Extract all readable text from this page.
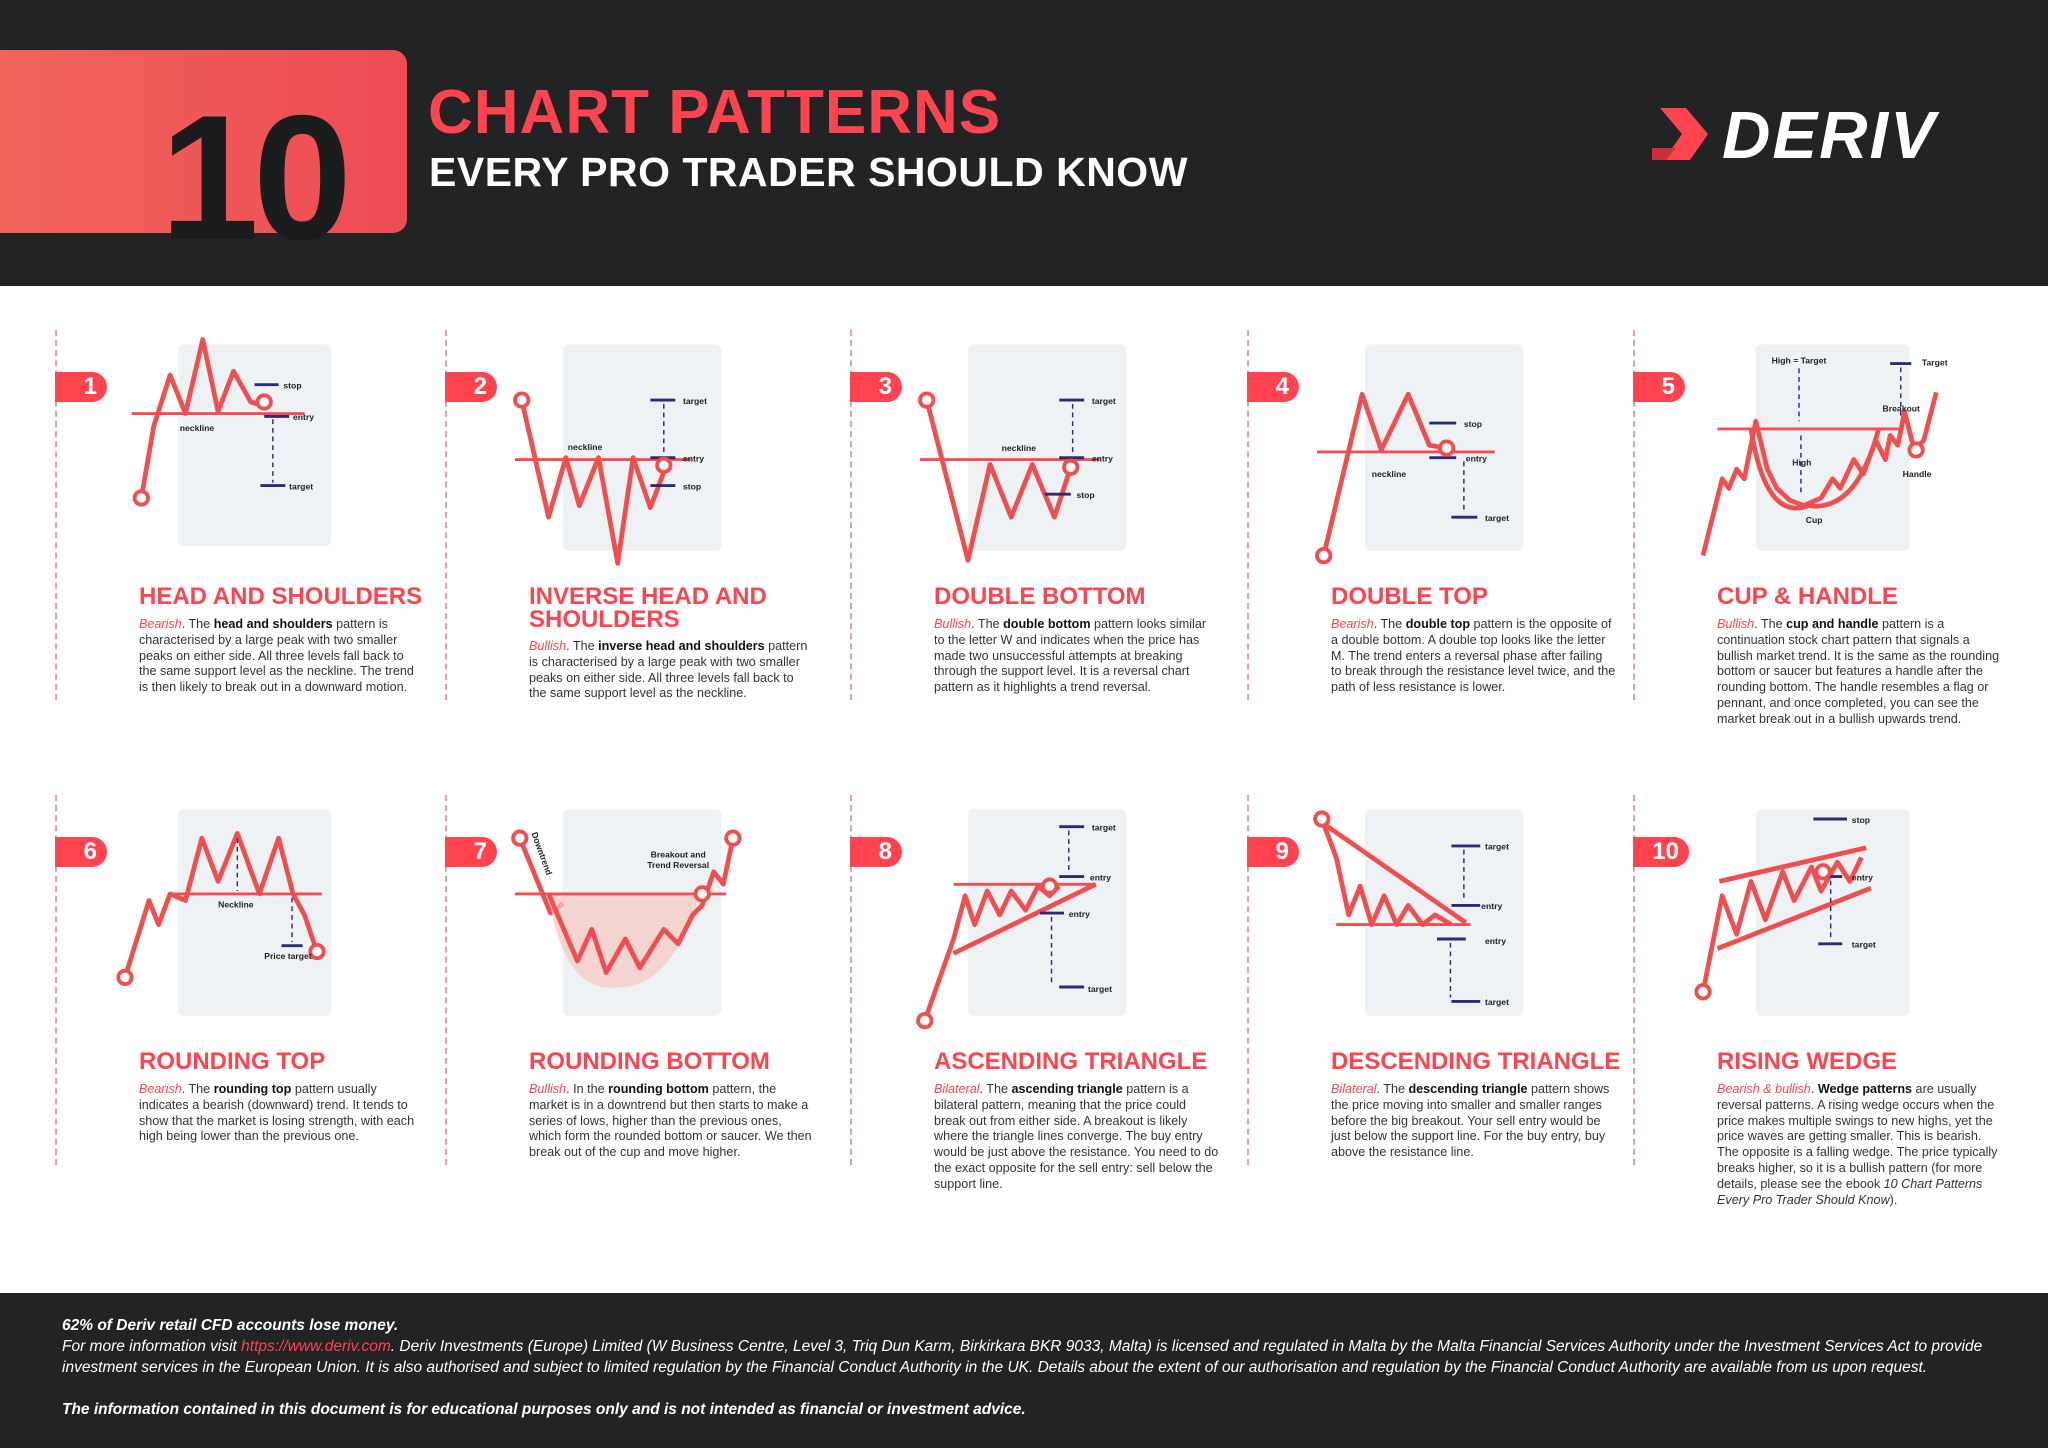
10 CHART PATTERNS
EVERY PRO TRADER SHOULD KNOW	DERIV
1	stop
neckline
entry
target
HEAD AND SHOULDERS
Bearish. The head and shoulders pattern is characterised by a large peak with two smaller peaks on either side. All three levels fall back to the same support level as the neckline. The trend is then likely to break out in a downward motion.
2
target
neckline
entry
stop
INVERSE HEAD AND SHOULDERS
Bullish. The inverse head and shoulders pattern is characterised by a large peak with two smaller peaks on either side. All three levels fall back to the same support level as the neckline.
3
target
neckline
entry
stop
DOUBLE BOTTOM
Bullish. The double bottom pattern looks similar to the letter W and indicates when the price has made two unsuccessful attempts at breaking through the support level. It is a reversal chart pattern as it highlights a trend reversal.
4
stop
entry
neckline
target
DOUBLE TOP
Bearish. The double top pattern is the opposite of a double bottom. A double top looks like the letter M. The trend enters a reversal phase after failing to break through the resistance level twice, and the path of less resistance is lower.
5
High = Target	Target
Breakout
High
Handle
Cup
CUP & HANDLE
Bullish. The cup and handle pattern is a continuation stock chart pattern that signals a bullish market trend. It is the same as the rounding bottom or saucer but features a handle after the rounding bottom. The handle resembles a flag or pennant, and once completed, you can see the market break out in a bullish upwards trend.
6
Neckline
Price target
ROUNDING TOP
Bearish. The rounding top pattern usually indicates a bearish (downward) trend. It tends to show that the market is losing strength, with each high being lower than the previous one.
7	Downtrend	Breakout and
Trend Reversal
ROUNDING BOTTOM
Bullish. In the rounding bottom pattern, the market is in a downtrend but then starts to make a series of lows, higher than the previous ones, which form the rounded bottom or saucer. We then break out of the cup and move higher.
8
target
entry
entry
target
ASCENDING TRIANGLE
Bilateral. The ascending triangle pattern is a bilateral pattern, meaning that the price could break out from either side. A breakout is likely where the triangle lines converge. The buy entry would be just above the resistance. You need to do the exact opposite for the sell entry: sell below the support line.
9	target
entry
entry
target
DESCENDING TRIANGLE
Bilateral. The descending triangle pattern shows the price moving into smaller and smaller ranges before the big breakout. Your sell entry would be just below the support line. For the buy entry, buy above the resistance line.
10
stop
entry
target
RISING WEDGE
Bearish & bullish. Wedge patterns are usually reversal patterns. A rising wedge occurs when the price makes multiple swings to new highs, yet the price waves are getting smaller. This is bearish. The opposite is a falling wedge. The price typically breaks higher, so it is a bullish pattern (for more details, please see the ebook 10 Chart Patterns Every Pro Trader Should Know).
62% of Deriv retail CFD accounts lose money.
For more information visit https://www.deriv.com. Deriv Investments (Europe) Limited (W Business Centre, Level 3, Triq Dun Karm, Birkirkara BKR 9033, Malta) is licensed and regulated in Malta by the Malta Financial Services Authority under the Investment Services Act to provide investment services in the European Union. It is also authorised and subject to limited regulation by the Financial Conduct Authority in the UK. Details about the extent of our authorisation and regulation by the Financial Conduct Authority are available from us upon request.
The information contained in this document is for educational purposes only and is not intended as financial or investment advice.
